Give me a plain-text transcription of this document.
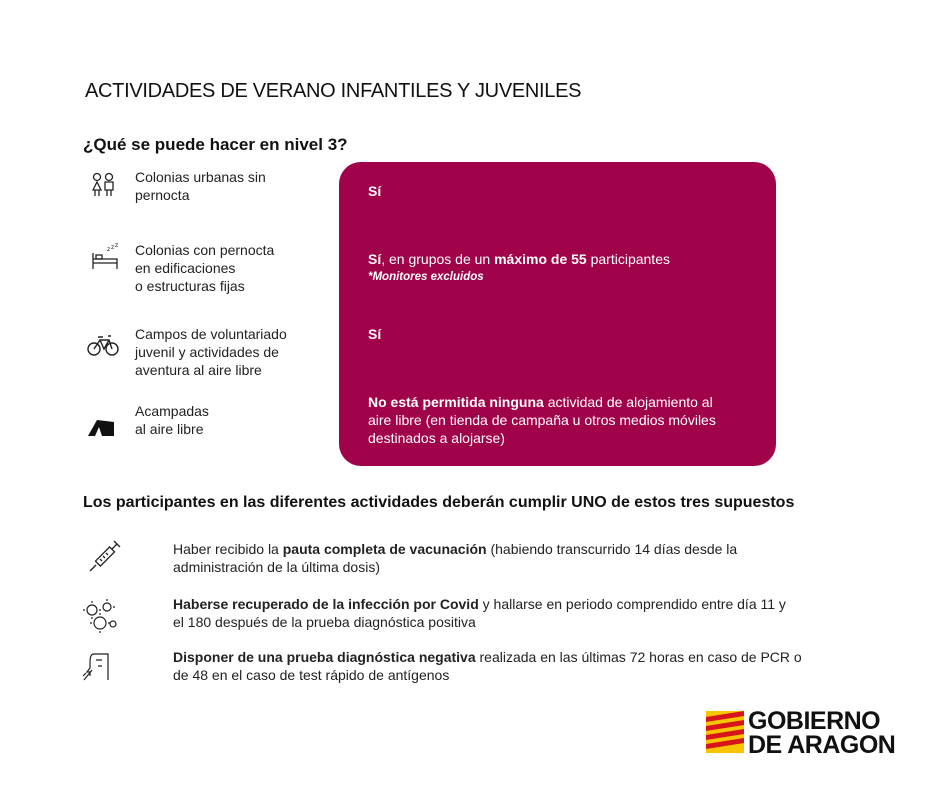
ACTIVIDADES DE VERANO INFANTILES Y JUVENILES
¿Qué se puede hacer en nivel 3?
Colonias urbanas sin
pernocta
z z z Colonias con pernocta
en edificaciones
o estructuras fijas
Campos de voluntariado
juvenil y actividades de
aventura al aire libre
Acampadas
al aire libre
Sí
Sí, en grupos de un máximo de 55 participantes
*Monitores excluidos
Sí
No está permitida ninguna actividad de alojamiento al
aire libre (en tienda de campaña u otros medios móviles
destinados a alojarse)
Los participantes en las diferentes actividades deberán cumplir UNO de estos tres supuestos
Haber recibido la pauta completa de vacunación (habiendo transcurrido 14 días desde la
administración de la última dosis)
Haberse recuperado de la infección por Covid y hallarse en periodo comprendido entre día 11 y
el 180 después de la prueba diagnóstica positiva
Disponer de una prueba diagnóstica negativa realizada en las últimas 72 horas en caso de PCR o
de 48 en el caso de test rápido de antígenos
GOBIERNO
DE ARAGON
